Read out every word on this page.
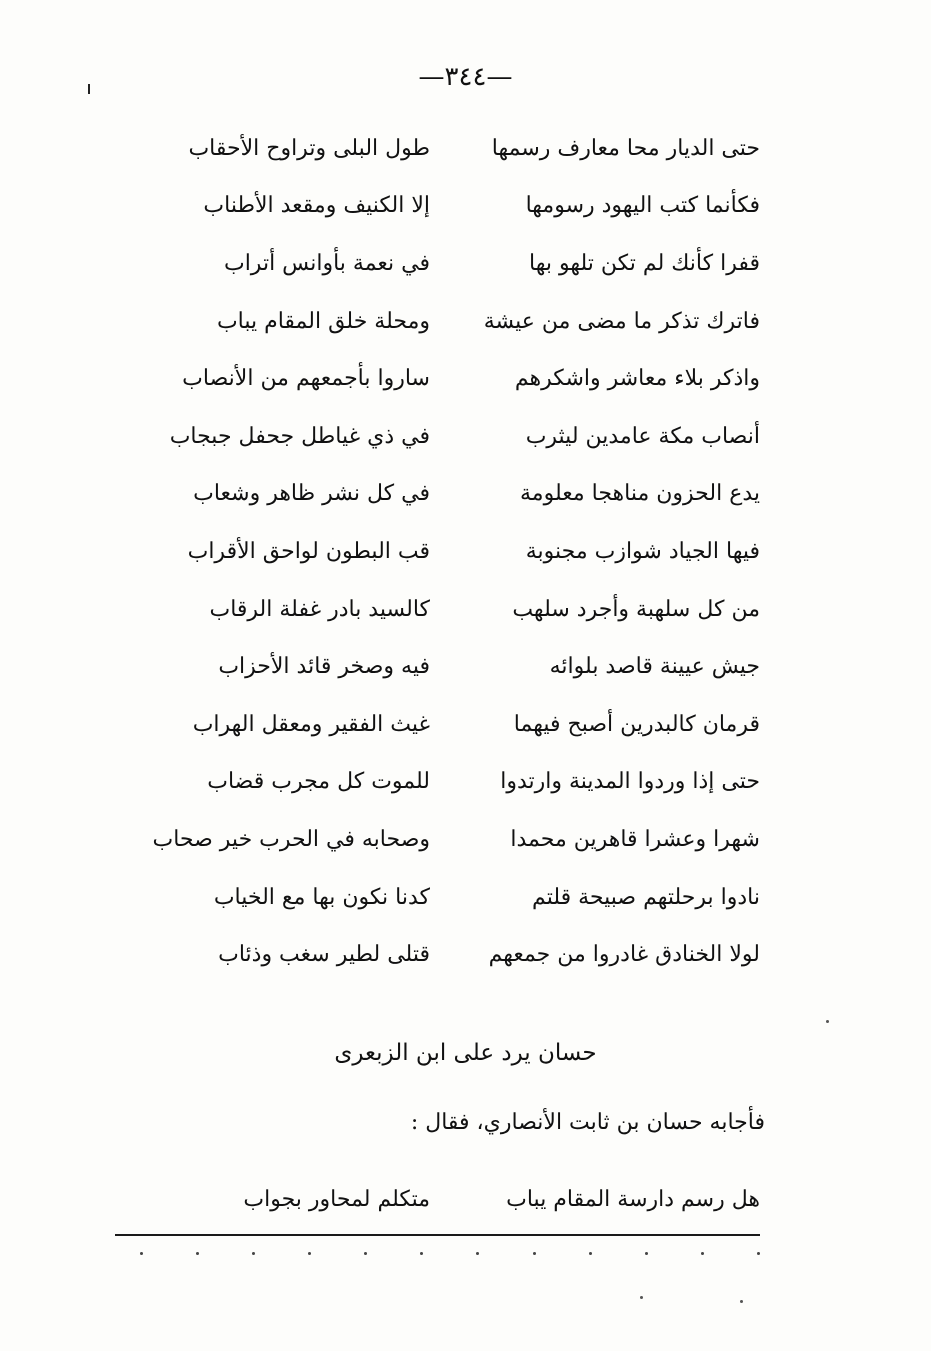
—٣٤٤—
حتى الديار محا معارف رسمها
طول البلى وتراوح الأحقاب
فكأنما كتب اليهود رسومها
إلا الكنيف ومقعد الأطناب
قفرا كأنك لم تكن تلهو بها
في نعمة بأوانس أتراب
فاترك تذكر ما مضى من عيشة
ومحلة خلق المقام يباب
واذكر بلاء معاشر واشكرهم
ساروا بأجمعهم من الأنصاب
أنصاب مكة عامدين ليثرب
في ذي غياطل جحفل جبجاب
يدع الحزون مناهجا معلومة
في كل نشر ظاهر وشعاب
فيها الجياد شوازب مجنوبة
قب البطون لواحق الأقراب
من كل سلهبة وأجرد سلهب
كالسيد بادر غفلة الرقاب
جيش عيينة قاصد بلوائه
فيه وصخر قائد الأحزاب
قرمان كالبدرين أصبح فيهما
غيث الفقير ومعقل الهراب
حتى إذا وردوا المدينة وارتدوا
للموت كل مجرب قضاب
شهرا وعشرا قاهرين محمدا
وصحابه في الحرب خير صحاب
نادوا برحلتهم صبيحة قلتم
كدنا نكون بها مع الخياب
لولا الخنادق غادروا من جمعهم
قتلى لطير سغب وذئاب
حسان يرد على ابن الزبعرى
فأجابه حسان بن ثابت الأنصاري، فقال :
هل رسم دارسة المقام يباب
متكلم لمحاور بجواب
